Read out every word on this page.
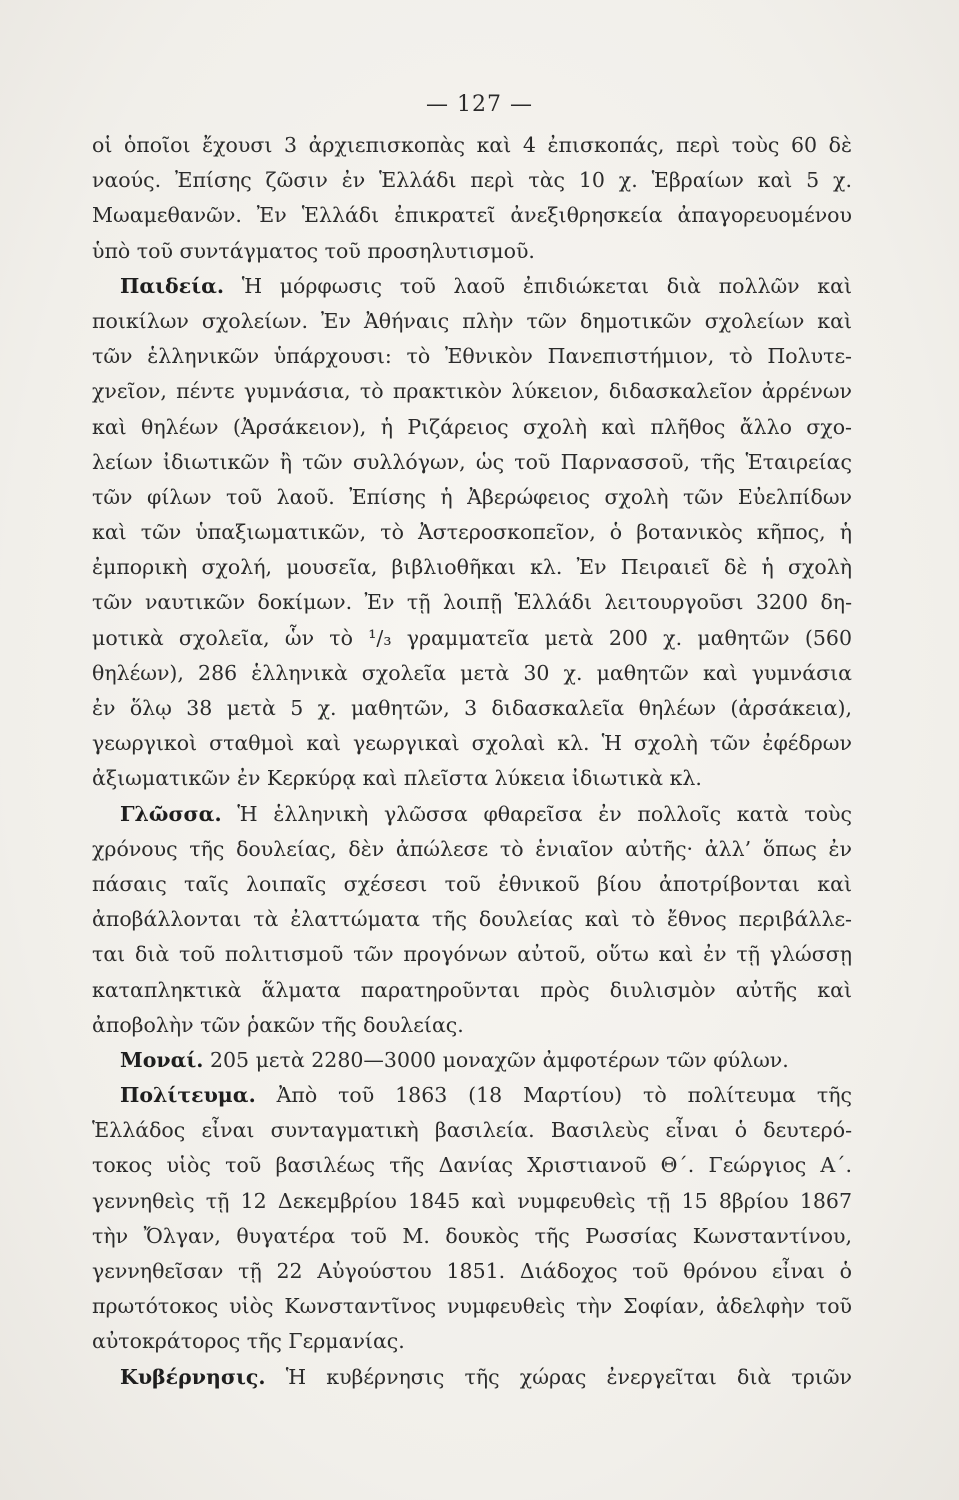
— 127 —
οἱ ὁποῖοι ἔχουσι 3 ἀρχιεπισκοπὰς καὶ 4 ἐπισκοπάς, περὶ τοὺς 60 δὲ
ναούς. Ἐπίσης ζῶσιν ἐν Ἑλλάδι περὶ τὰς 10 χ. Ἑβραίων καὶ 5 χ.
Μωαμεθανῶν. Ἐν Ἑλλάδι ἐπικρατεῖ ἀνεξιθρησκεία ἀπαγορευομένου
ὑπὸ τοῦ συντάγματος τοῦ προσηλυτισμοῦ.
Παιδεία. Ἡ μόρφωσις τοῦ λαοῦ ἐπιδιώκεται διὰ πολλῶν καὶ
ποικίλων σχολείων. Ἐν Ἀθήναις πλὴν τῶν δημοτικῶν σχολείων καὶ
τῶν ἑλληνικῶν ὑπάρχουσι: τὸ Ἐθνικὸν Πανεπιστήμιον, τὸ Πολυτε-
χνεῖον, πέντε γυμνάσια, τὸ πρακτικὸν λύκειον, διδασκαλεῖον ἀρρένων
καὶ θηλέων (Ἀρσάκειον), ἡ Ριζάρειος σχολὴ καὶ πλῆθος ἄλλο σχο-
λείων ἰδιωτικῶν ἢ τῶν συλλόγων, ὡς τοῦ Παρνασσοῦ, τῆς Ἑταιρείας
τῶν φίλων τοῦ λαοῦ. Ἐπίσης ἡ Ἀβερώφειος σχολὴ τῶν Εὐελπίδων
καὶ τῶν ὑπαξιωματικῶν, τὸ Ἀστεροσκοπεῖον, ὁ βοτανικὸς κῆπος, ἡ
ἐμπορικὴ σχολή, μουσεῖα, βιβλιοθῆκαι κλ. Ἐν Πειραιεῖ δὲ ἡ σχολὴ
τῶν ναυτικῶν δοκίμων. Ἐν τῇ λοιπῇ Ἑλλάδι λειτουργοῦσι 3200 δη-
μοτικὰ σχολεῖα, ὧν τὸ ¹/₃ γραμματεῖα μετὰ 200 χ. μαθητῶν (560
θηλέων), 286 ἑλληνικὰ σχολεῖα μετὰ 30 χ. μαθητῶν καὶ γυμνάσια
ἐν ὅλῳ 38 μετὰ 5 χ. μαθητῶν, 3 διδασκαλεῖα θηλέων (ἀρσάκεια),
γεωργικοὶ σταθμοὶ καὶ γεωργικαὶ σχολαὶ κλ. Ἡ σχολὴ τῶν ἐφέδρων
ἀξιωματικῶν ἐν Κερκύρᾳ καὶ πλεῖστα λύκεια ἰδιωτικὰ κλ.
Γλῶσσα. Ἡ ἑλληνικὴ γλῶσσα φθαρεῖσα ἐν πολλοῖς κατὰ τοὺς
χρόνους τῆς δουλείας, δὲν ἀπώλεσε τὸ ἑνιαῖον αὐτῆς· ἀλλ’ ὅπως ἐν
πάσαις ταῖς λοιπαῖς σχέσεσι τοῦ ἐθνικοῦ βίου ἀποτρίβονται καὶ
ἀποβάλλονται τὰ ἐλαττώματα τῆς δουλείας καὶ τὸ ἔθνος περιβάλλε-
ται διὰ τοῦ πολιτισμοῦ τῶν προγόνων αὐτοῦ, οὕτω καὶ ἐν τῇ γλώσσῃ
καταπληκτικὰ ἅλματα παρατηροῦνται πρὸς διυλισμὸν αὐτῆς καὶ
ἀποβολὴν τῶν ῥακῶν τῆς δουλείας.
Μοναί. 205 μετὰ 2280—3000 μοναχῶν ἀμφοτέρων τῶν φύλων.
Πολίτευμα. Ἀπὸ τοῦ 1863 (18 Μαρτίου) τὸ πολίτευμα τῆς
Ἑλλάδος εἶναι συνταγματικὴ βασιλεία. Βασιλεὺς εἶναι ὁ δευτερό-
τοκος υἱὸς τοῦ βασιλέως τῆς Δανίας Χριστιανοῦ Θ΄. Γεώργιος Α΄.
γεννηθεὶς τῇ 12 Δεκεμβρίου 1845 καὶ νυμφευθεὶς τῇ 15 8βρίου 1867
τὴν Ὄλγαν, θυγατέρα τοῦ Μ. δουκὸς τῆς Ρωσσίας Κωνσταντίνου,
γεννηθεῖσαν τῇ 22 Αὐγούστου 1851. Διάδοχος τοῦ θρόνου εἶναι ὁ
πρωτότοκος υἱὸς Κωνσταντῖνος νυμφευθεὶς τὴν Σοφίαν, ἀδελφὴν τοῦ
αὐτοκράτορος τῆς Γερμανίας.
Κυβέρνησις. Ἡ κυβέρνησις τῆς χώρας ἐνεργεῖται διὰ τριῶν
